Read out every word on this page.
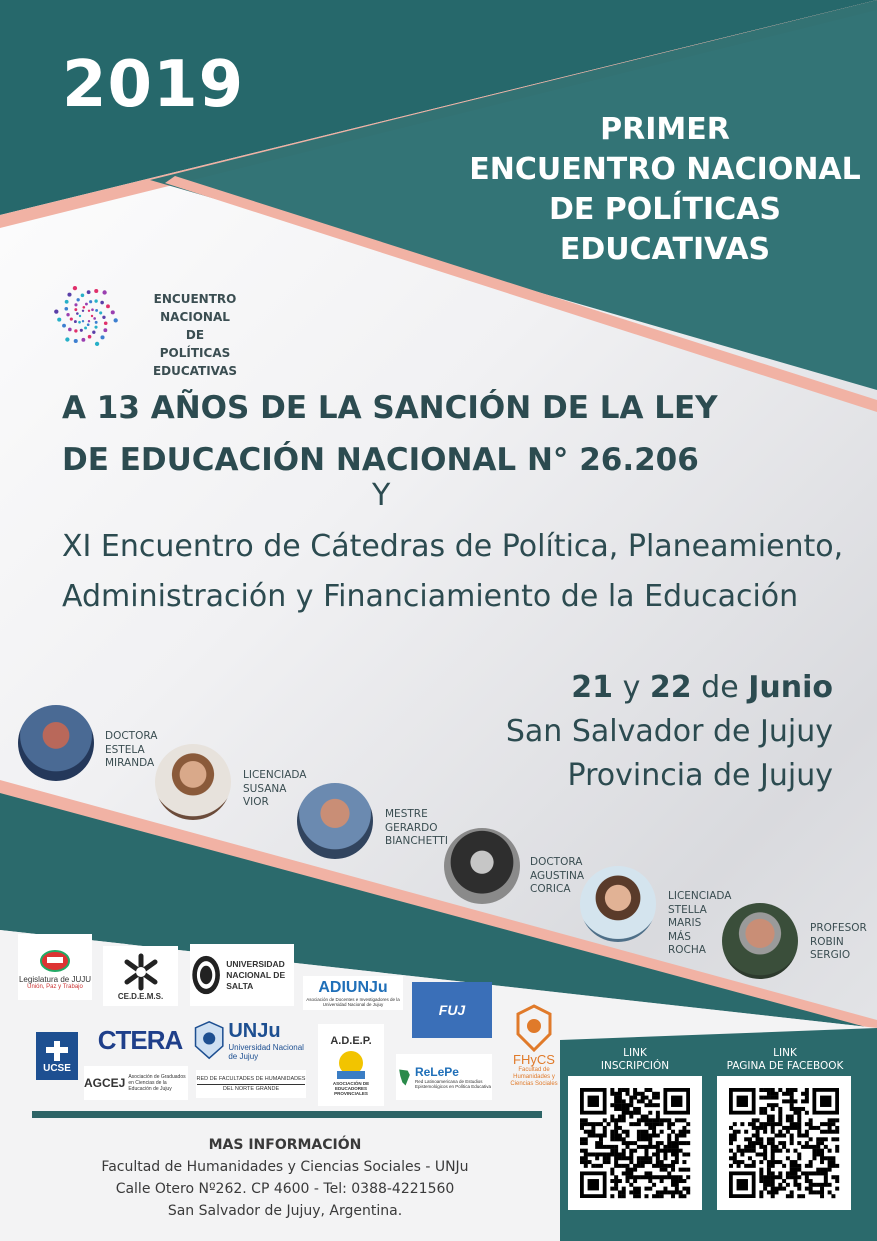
2019
PRIMER
ENCUENTRO NACIONAL
DE POLÍTICAS
EDUCATIVAS
ENCUENTRO NACIONAL
DE
POLÍTICAS EDUCATIVAS
A 13 AÑOS DE LA SANCIÓN DE LA LEY
DE EDUCACIÓN NACIONAL N° 26.206
Y
XI Encuentro de Cátedras de Política, Planeamiento,
Administración y Financiamiento de la Educación
21 y 22 de Junio
San Salvador de Jujuy
Provincia de Jujuy
DOCTORA
ESTELA
MIRANDA
LICENCIADA
SUSANA
VIOR
MESTRE
GERARDO
BIANCHETTI
DOCTORA
AGUSTINA
CORICA
LICENCIADA
STELLA
MARIS
MÁS
ROCHA
PROFESOR
ROBIN
SERGIO
Legislatura de JUJU
Unión, Paz y Trabajo
CE.D.E.M.S.
UNIVERSIDAD
NACIONAL DE SALTA	ADIUNJu
Asociación de Docentes e Investigadores de la Universidad Nacional de Jujuy	FUJ
FHyCS
Facultad de Humanidades y Ciencias Sociales
UCSE
CTERA
AGCEJ Asociación de Graduados en Ciencias de la Educación de Jujuy
UNJu
Universidad Nacional de Jujuy
RED DE FACULTADES DE HUMANIDADES
DEL NORTE GRANDE
A.D.E.P.
ASOCIACIÓN DE EDUCADORES PROVINCIALES
ReLePe
Red Latinoamericana de Estudios Epistemológicos en Política Educativa
LINK
INSCRIPCIÓN
LINK
PAGINA DE FACEBOOK
MAS INFORMACIÓN
Facultad de Humanidades y Ciencias Sociales - UNJu
Calle Otero Nº262. CP 4600 - Tel: 0388-4221560
San Salvador de Jujuy, Argentina.
